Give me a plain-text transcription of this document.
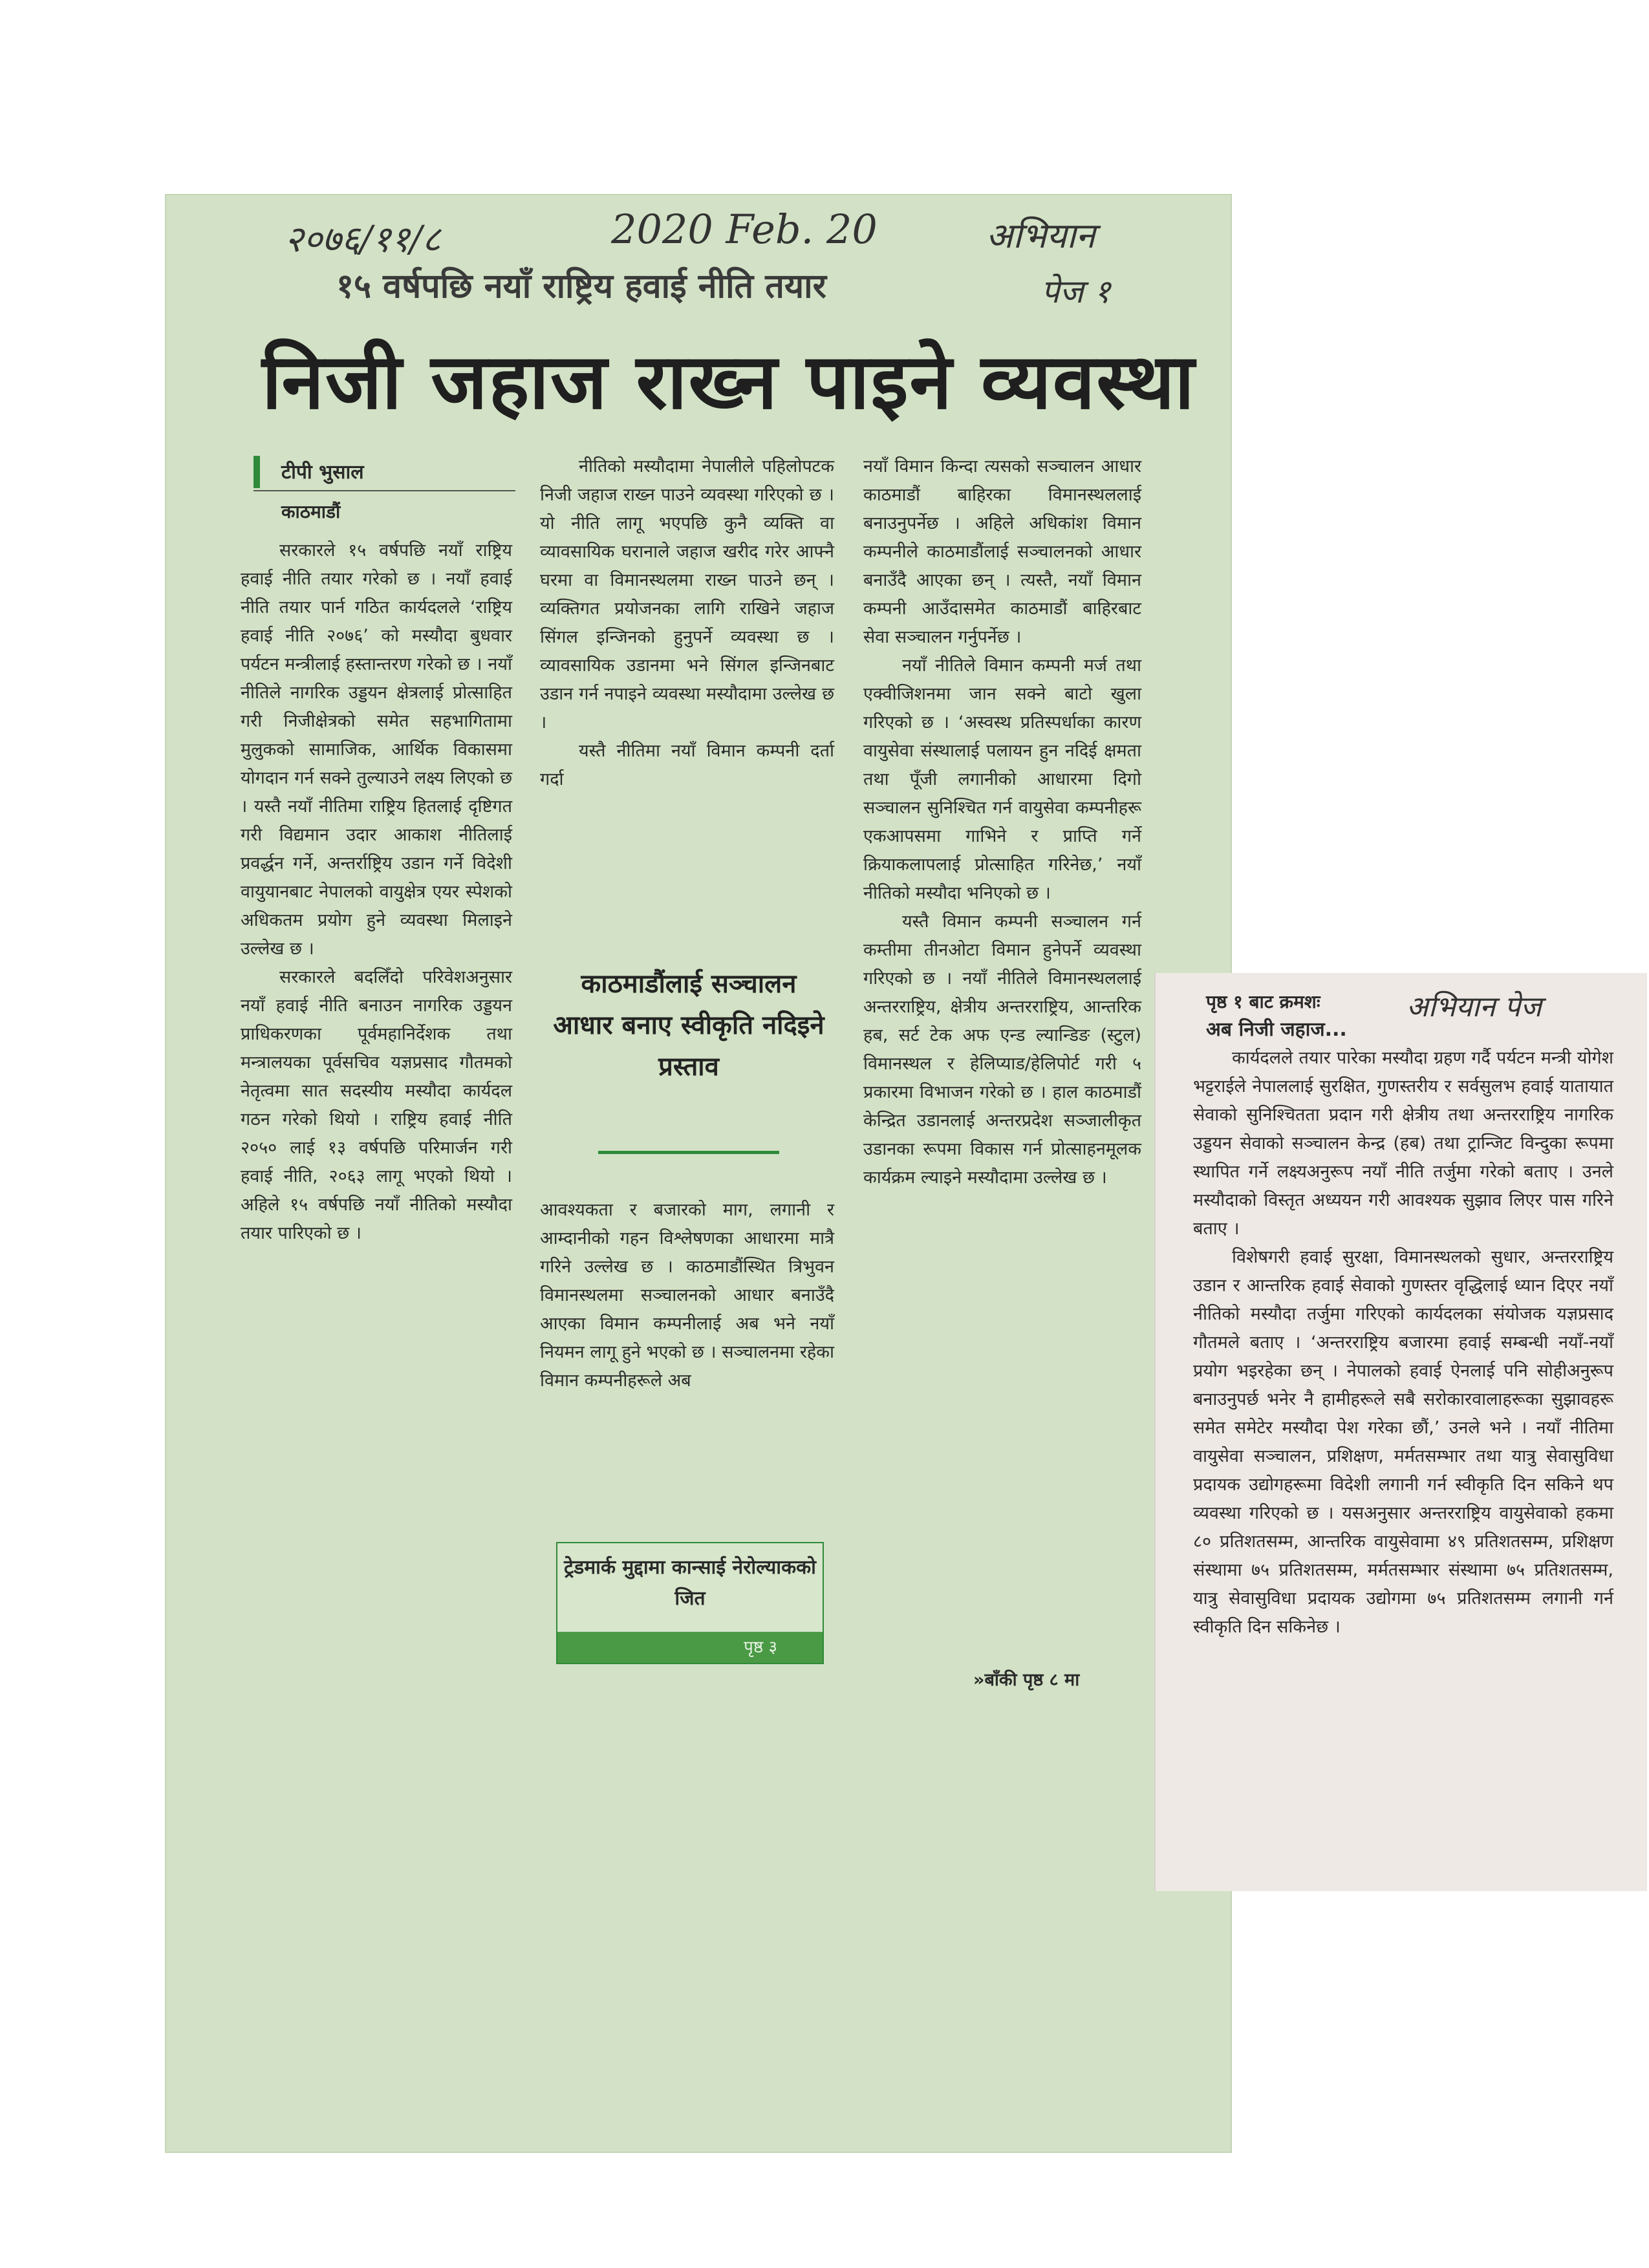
२०७६/११/८	2020 Feb. 20	अभियान
पेज १
१५ वर्षपछि नयाँ राष्ट्रिय हवाई नीति तयार
निजी जहाज राख्न पाइने व्यवस्था
टीपी भुसाल
काठमाडौं

सरकारले १५ वर्षपछि नयाँ राष्ट्रिय हवाई नीति तयार गरेको छ । नयाँ हवाई नीति तयार पार्न गठित कार्यदलले ‘राष्ट्रिय हवाई नीति २०७६’ को मस्यौदा बुधवार पर्यटन मन्त्रीलाई हस्तान्तरण गरेको छ । नयाँ नीतिले नागरिक उड्डयन क्षेत्रलाई प्रोत्साहित गरी निजीक्षेत्रको समेत सहभागितामा मुलुकको सामाजिक, आर्थिक विकासमा योगदान गर्न सक्ने तुल्याउने लक्ष्य लिएको छ । यस्तै नयाँ नीतिमा राष्ट्रिय हितलाई दृष्टिगत गरी विद्यमान उदार आकाश नीतिलाई प्रवर्द्धन गर्ने, अन्तर्राष्ट्रिय उडान गर्ने विदेशी वायुयानबाट नेपालको वायुक्षेत्र एयर स्पेशको अधिकतम प्रयोग हुने व्यवस्था मिलाइने उल्लेख छ ।

सरकारले बदलिँदो परिवेशअनुसार नयाँ हवाई नीति बनाउन नागरिक उड्डयन प्राधिकरणका पूर्वमहानिर्देशक तथा मन्त्रालयका पूर्वसचिव यज्ञप्रसाद गौतमको नेतृत्वमा सात सदस्यीय मस्यौदा कार्यदल गठन गरेको थियो । राष्ट्रिय हवाई नीति २०५० लाई १३ वर्षपछि परिमार्जन गरी हवाई नीति, २०६३ लागू भएको थियो । अहिले १५ वर्षपछि नयाँ नीतिको मस्यौदा तयार पारिएको छ ।

नीतिको मस्यौदामा नेपालीले पहिलोपटक निजी जहाज राख्न पाउने व्यवस्था गरिएको छ । यो नीति लागू भएपछि कुनै व्यक्ति वा व्यावसायिक घरानाले जहाज खरीद गरेर आफ्नै घरमा वा विमानस्थलमा राख्न पाउने छन् । व्यक्तिगत प्रयोजनका लागि राखिने जहाज सिंगल इन्जिनको हुनुपर्ने व्यवस्था छ । व्यावसायिक उडानमा भने सिंगल इन्जिनबाट उडान गर्न नपाइने व्यवस्था मस्यौदामा उल्लेख छ ।

यस्तै नीतिमा नयाँ विमान कम्पनी दर्ता गर्दा

काठमाडौंलाई सञ्चालन आधार बनाए स्वीकृति नदिइने प्रस्ताव

आवश्यकता र बजारको माग, लगानी र आम्दानीको गहन विश्लेषणका आधारमा मात्रै गरिने उल्लेख छ । काठमाडौंस्थित त्रिभुवन विमानस्थलमा सञ्चालनको आधार बनाउँदै आएका विमान कम्पनीलाई अब भने नयाँ नियमन लागू हुने भएको छ । सञ्चालनमा रहेका विमान कम्पनीहरूले अब

ट्रेडमार्क मुद्दामा कान्साई नेरोल्याकको जित
पृष्ठ ३

नयाँ विमान किन्दा त्यसको सञ्चालन आधार काठमाडौं बाहिरका विमानस्थललाई बनाउनुपर्नेछ । अहिले अधिकांश विमान कम्पनीले काठमाडौंलाई सञ्चालनको आधार बनाउँदै आएका छन् । त्यस्तै, नयाँ विमान कम्पनी आउँदासमेत काठमाडौं बाहिरबाट सेवा सञ्चालन गर्नुपर्नेछ ।

नयाँ नीतिले विमान कम्पनी मर्ज तथा एक्वीजिशनमा जान सक्ने बाटो खुला गरिएको छ । ‘अस्वस्थ प्रतिस्पर्धाका कारण वायुसेवा संस्थालाई पलायन हुन नदिई क्षमता तथा पूँजी लगानीको आधारमा दिगो सञ्चालन सुनिश्चित गर्न वायुसेवा कम्पनीहरू एकआपसमा गाभिने र प्राप्ति गर्ने क्रियाकलापलाई प्रोत्साहित गरिनेछ,’ नयाँ नीतिको मस्यौदा भनिएको छ ।

यस्तै विमान कम्पनी सञ्चालन गर्न कम्तीमा तीनओटा विमान हुनेपर्ने व्यवस्था गरिएको छ । नयाँ नीतिले विमानस्थललाई अन्तरराष्ट्रिय, क्षेत्रीय अन्तरराष्ट्रिय, आन्तरिक हब, सर्ट टेक अफ एन्ड ल्यान्डिङ (स्टुल) विमानस्थल र हेलिप्याड/हेलिपोर्ट गरी ५ प्रकारमा विभाजन गरेको छ । हाल काठमाडौं केन्द्रित उडानलाई अन्तरप्रदेश सञ्जालीकृत उडानका रूपमा विकास गर्न प्रोत्साहनमूलक कार्यक्रम ल्याइने मस्यौदामा उल्लेख छ ।

»बाँकी पृष्ठ ८ मा
पृष्ठ १ बाट क्रमशः	अभियान पेज
अब निजी जहाज...

कार्यदलले तयार पारेका मस्यौदा ग्रहण गर्दै पर्यटन मन्त्री योगेश भट्टराईले नेपाललाई सुरक्षित, गुणस्तरीय र सर्वसुलभ हवाई यातायात सेवाको सुनिश्चितता प्रदान गरी क्षेत्रीय तथा अन्तरराष्ट्रिय नागरिक उड्डयन सेवाको सञ्चालन केन्द्र (हब) तथा ट्रान्जिट विन्दुका रूपमा स्थापित गर्ने लक्ष्यअनुरूप नयाँ नीति तर्जुमा गरेको बताए । उनले मस्यौदाको विस्तृत अध्ययन गरी आवश्यक सुझाव लिएर पास गरिने बताए ।

विशेषगरी हवाई सुरक्षा, विमानस्थलको सुधार, अन्तरराष्ट्रिय उडान र आन्तरिक हवाई सेवाको गुणस्तर वृद्धिलाई ध्यान दिएर नयाँ नीतिको मस्यौदा तर्जुमा गरिएको कार्यदलका संयोजक यज्ञप्रसाद गौतमले बताए । ‘अन्तरराष्ट्रिय बजारमा हवाई सम्बन्धी नयाँ-नयाँ प्रयोग भइरहेका छन् । नेपालको हवाई ऐनलाई पनि सोहीअनुरूप बनाउनुपर्छ भनेर नै हामीहरूले सबै सरोकारवालाहरूका सुझावहरू समेत समेटेर मस्यौदा पेश गरेका छौं,’ उनले भने । नयाँ नीतिमा वायुसेवा सञ्चालन, प्रशिक्षण, मर्मतसम्भार तथा यात्रु सेवासुविधा प्रदायक उद्योगहरूमा विदेशी लगानी गर्न स्वीकृति दिन सकिने थप व्यवस्था गरिएको छ । यसअनुसार अन्तरराष्ट्रिय वायुसेवाको हकमा ८० प्रतिशतसम्म, आन्तरिक वायुसेवामा ४९ प्रतिशतसम्म, प्रशिक्षण संस्थामा ७५ प्रतिशतसम्म, मर्मतसम्भार संस्थामा ७५ प्रतिशतसम्म, यात्रु सेवासुविधा प्रदायक उद्योगमा ७५ प्रतिशतसम्म लगानी गर्न स्वीकृति दिन सकिनेछ ।
